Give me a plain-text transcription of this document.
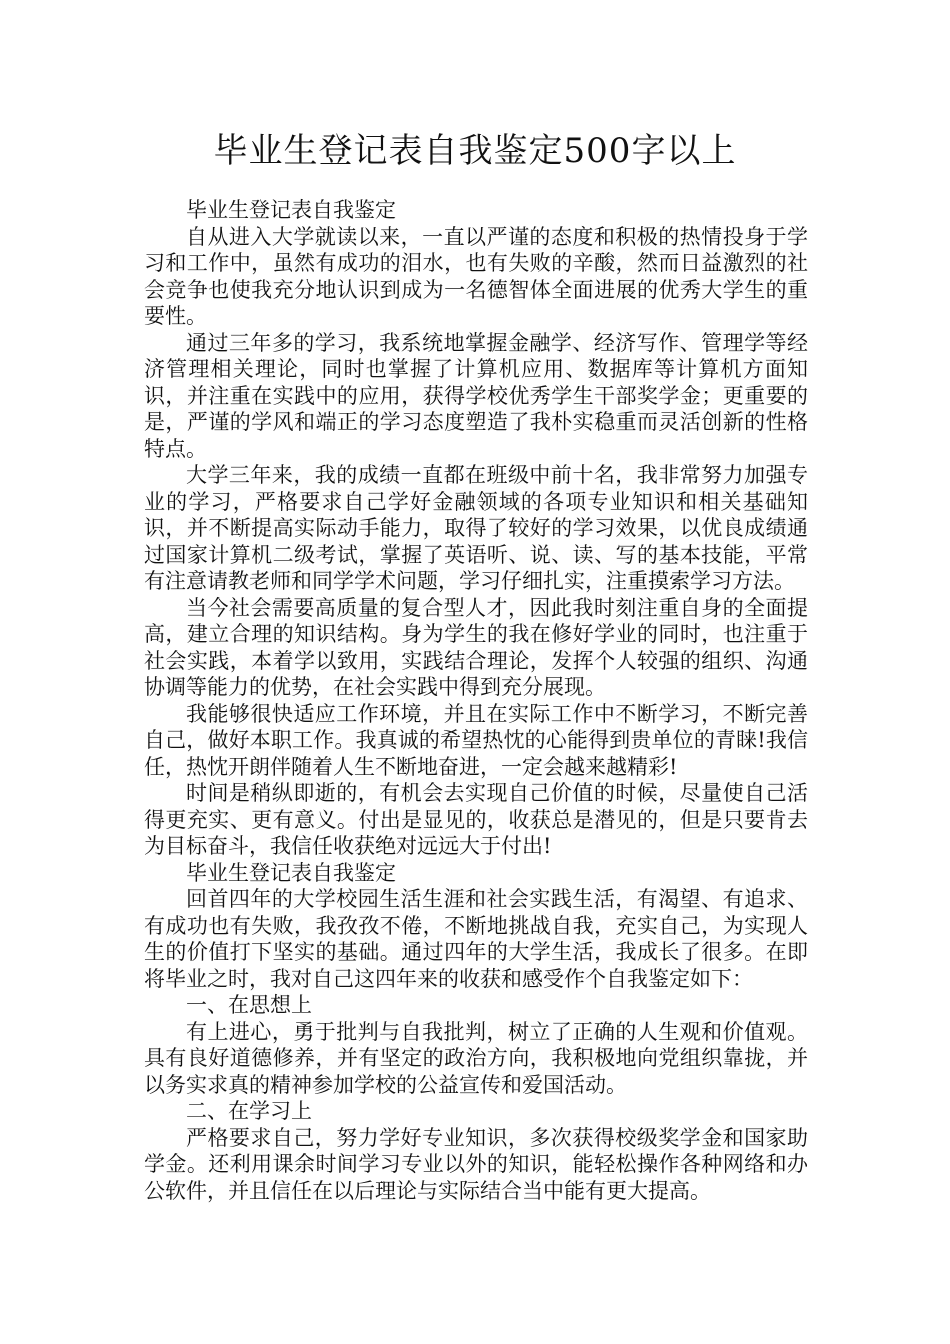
毕业生登记表自我鉴定500字以上

毕业生登记表自我鉴定

自从进入大学就读以来，一直以严谨的态度和积极的热情投身于学习和工作中，虽然有成功的泪水，也有失败的辛酸，然而日益激烈的社会竞争也使我充分地认识到成为一名德智体全面进展的优秀大学生的重要性。

通过三年多的学习，我系统地掌握金融学、经济写作、管理学等经济管理相关理论，同时也掌握了计算机应用、数据库等计算机方面知识，并注重在实践中的应用，获得学校优秀学生干部奖学金；更重要的是，严谨的学风和端正的学习态度塑造了我朴实稳重而灵活创新的性格特点。

大学三年来，我的成绩一直都在班级中前十名，我非常努力加强专业的学习，严格要求自己学好金融领域的各项专业知识和相关基础知识，并不断提高实际动手能力，取得了较好的学习效果，以优良成绩通过国家计算机二级考试，掌握了英语听、说、读、写的基本技能，平常有注意请教老师和同学学术问题，学习仔细扎实，注重摸索学习方法。

当今社会需要高质量的复合型人才，因此我时刻注重自身的全面提高，建立合理的知识结构。身为学生的我在修好学业的同时，也注重于社会实践，本着学以致用，实践结合理论，发挥个人较强的组织、沟通协调等能力的优势，在社会实践中得到充分展现。

我能够很快适应工作环境，并且在实际工作中不断学习，不断完善自己，做好本职工作。我真诚的希望热忱的心能得到贵单位的青睐!我信任，热忱开朗伴随着人生不断地奋进，一定会越来越精彩!

时间是稍纵即逝的，有机会去实现自己价值的时候，尽量使自己活得更充实、更有意义。付出是显见的，收获总是潜见的，但是只要肯去为目标奋斗，我信任收获绝对远远大于付出!

毕业生登记表自我鉴定

回首四年的大学校园生活生涯和社会实践生活，有渴望、有追求、有成功也有失败，我孜孜不倦，不断地挑战自我，充实自己，为实现人生的价值打下坚实的基础。通过四年的大学生活，我成长了很多。在即将毕业之时，我对自己这四年来的收获和感受作个自我鉴定如下：

一、在思想上

有上进心，勇于批判与自我批判，树立了正确的人生观和价值观。具有良好道德修养，并有坚定的政治方向，我积极地向党组织靠拢，并以务实求真的精神参加学校的公益宣传和爱国活动。

二、在学习上

严格要求自己，努力学好专业知识，多次获得校级奖学金和国家助学金。还利用课余时间学习专业以外的知识，能轻松操作各种网络和办公软件，并且信任在以后理论与实际结合当中能有更大提高。
